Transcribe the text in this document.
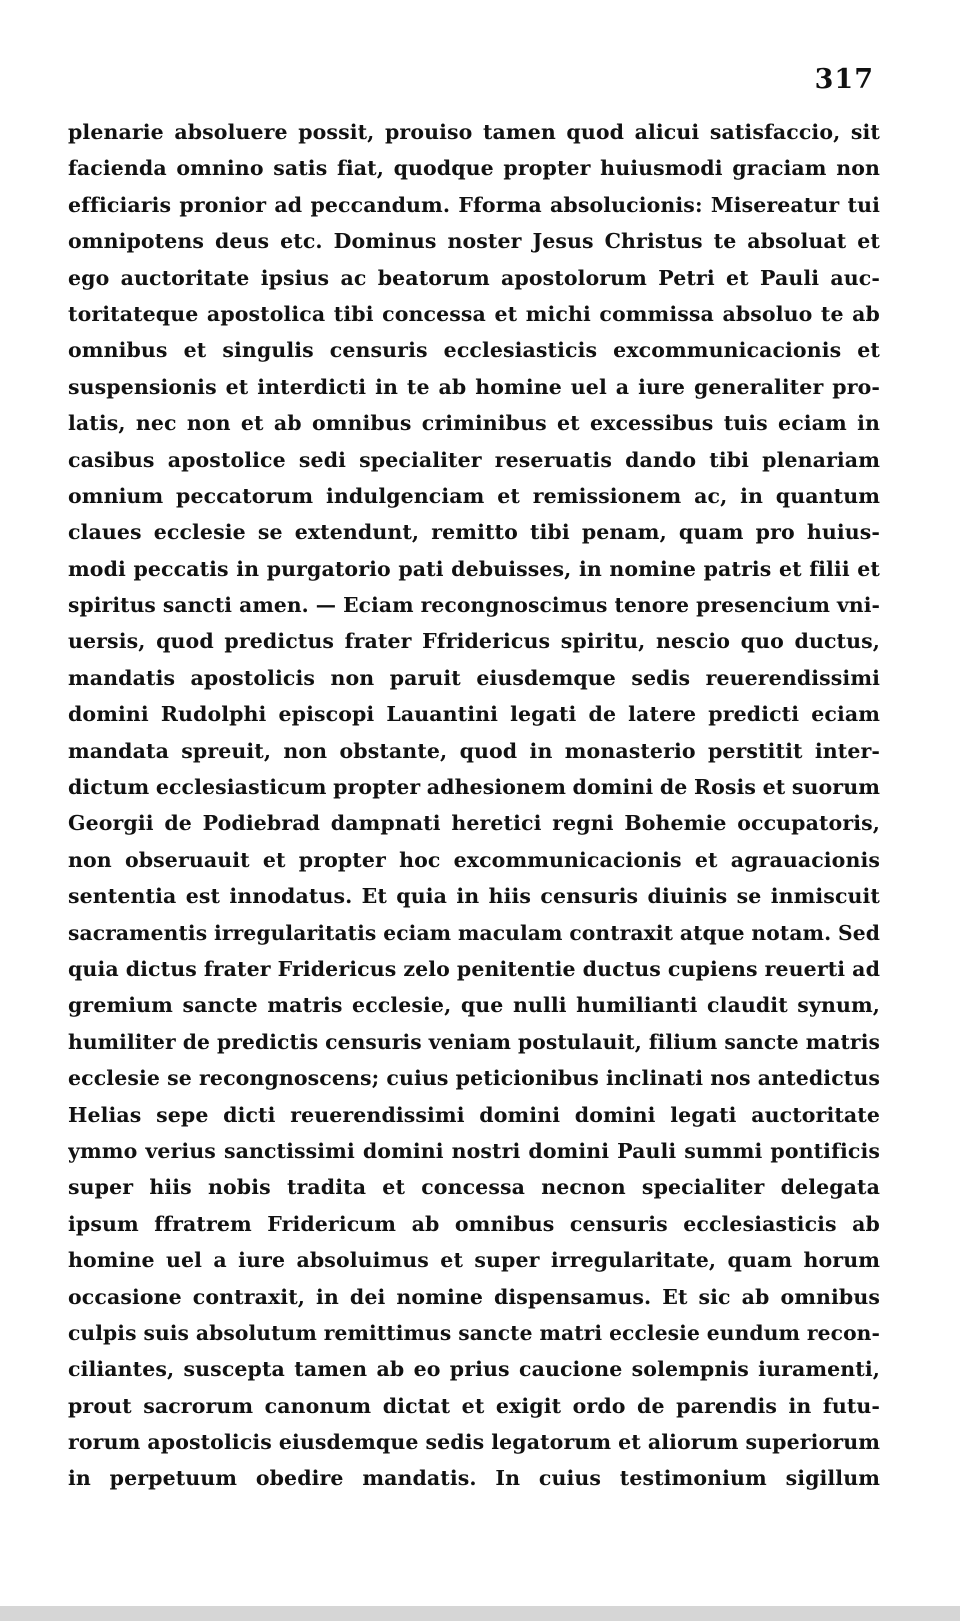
317
plenarie absoluere possit, prouiso tamen quod alicui satisfaccio, sit
facienda omnino satis fiat, quodque propter huiusmodi graciam non
efficiaris pronior ad peccandum. Fforma absolucionis: Misereatur tui
omnipotens deus etc. Dominus noster Jesus Christus te absoluat et
ego auctoritate ipsius ac beatorum apostolorum Petri et Pauli auc-
toritateque apostolica tibi concessa et michi commissa absoluo te ab
omnibus et singulis censuris ecclesiasticis excommunicacionis et
suspensionis et interdicti in te ab homine uel a iure generaliter pro-
latis, nec non et ab omnibus criminibus et excessibus tuis eciam in
casibus apostolice sedi specialiter reseruatis dando tibi plenariam
omnium peccatorum indulgenciam et remissionem ac, in quantum
claues ecclesie se extendunt, remitto tibi penam, quam pro huius-
modi peccatis in purgatorio pati debuisses, in nomine patris et filii et
spiritus sancti amen. — Eciam recongnoscimus tenore presencium vni-
uersis, quod predictus frater Ffridericus spiritu, nescio quo ductus,
mandatis apostolicis non paruit eiusdemque sedis reuerendissimi
domini Rudolphi episcopi Lauantini legati de latere predicti eciam
mandata spreuit, non obstante, quod in monasterio perstitit inter-
dictum ecclesiasticum propter adhesionem domini de Rosis et suorum
Georgii de Podiebrad dampnati heretici regni Bohemie occupatoris,
non obseruauit et propter hoc excommunicacionis et agrauacionis
sententia est innodatus. Et quia in hiis censuris diuinis se inmiscuit
sacramentis irregularitatis eciam maculam contraxit atque notam. Sed
quia dictus frater Fridericus zelo penitentie ductus cupiens reuerti ad
gremium sancte matris ecclesie, que nulli humilianti claudit synum,
humiliter de predictis censuris veniam postulauit, filium sancte matris
ecclesie se recongnoscens; cuius peticionibus inclinati nos antedictus
Helias sepe dicti reuerendissimi domini domini legati auctoritate
ymmo verius sanctissimi domini nostri domini Pauli summi pontificis
super hiis nobis tradita et concessa necnon specialiter delegata
ipsum ffratrem Fridericum ab omnibus censuris ecclesiasticis ab
homine uel a iure absoluimus et super irregularitate, quam horum
occasione contraxit, in dei nomine dispensamus. Et sic ab omnibus
culpis suis absolutum remittimus sancte matri ecclesie eundum recon-
ciliantes, suscepta tamen ab eo prius caucione solempnis iuramenti,
prout sacrorum canonum dictat et exigit ordo de parendis in futu-
rorum apostolicis eiusdemque sedis legatorum et aliorum superiorum
in perpetuum obedire mandatis. In cuius testimonium sigillum
